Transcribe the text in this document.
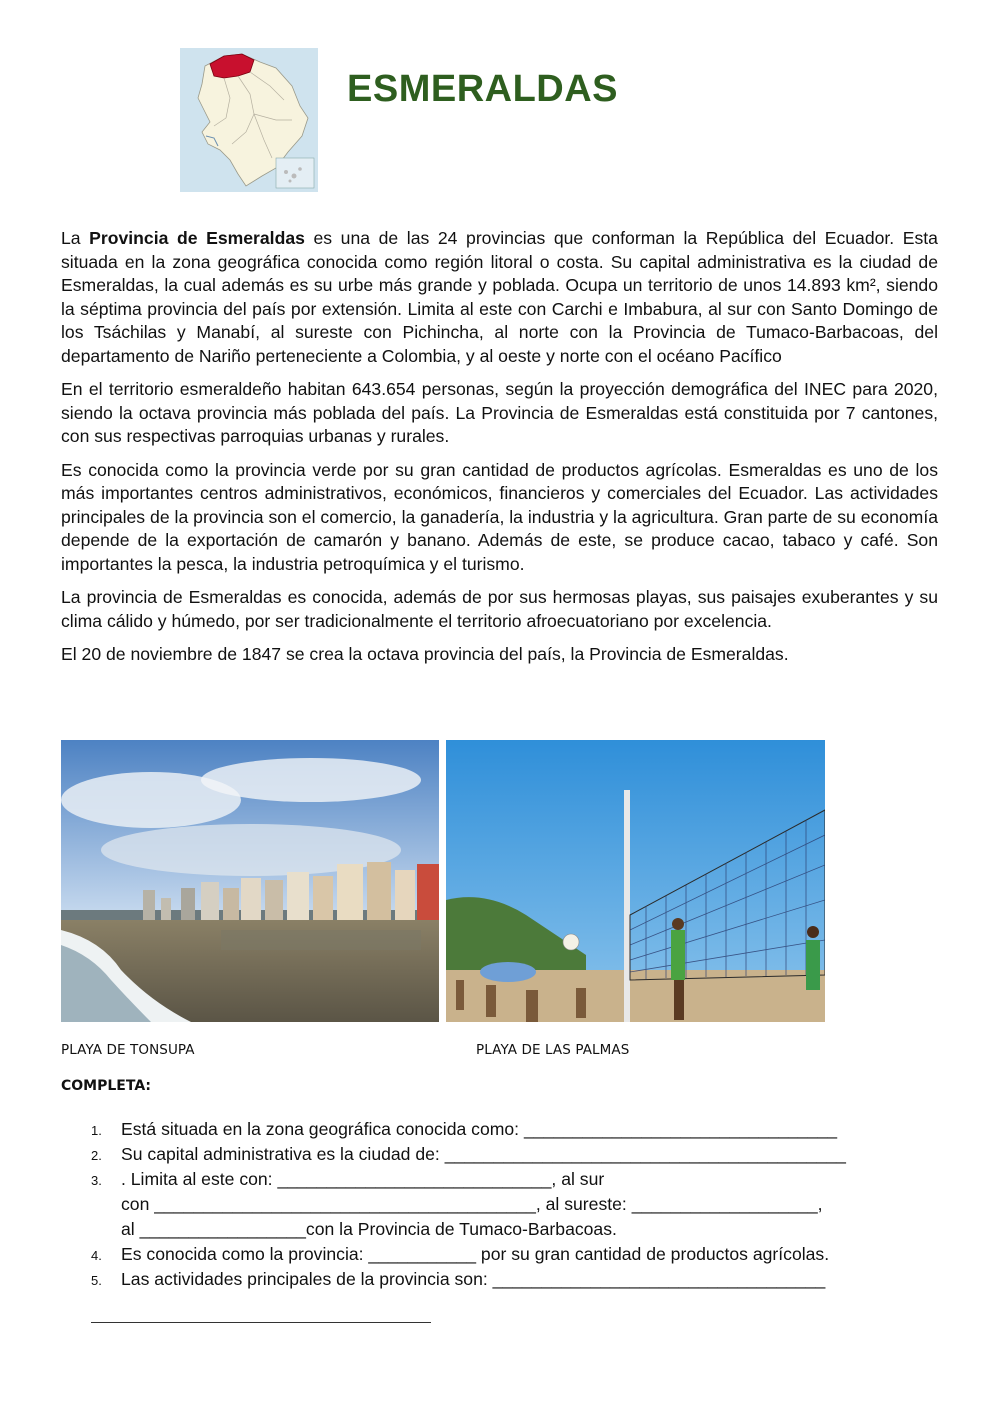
ESMERALDAS

La Provincia de Esmeraldas es una de las 24 provincias que conforman la República del Ecuador. Esta situada en la zona geográfica conocida como región litoral o costa. Su capital administrativa es la ciudad de Esmeraldas, la cual además es su urbe más grande y poblada. Ocupa un territorio de unos 14.893 km², siendo la séptima provincia del país por extensión. Limita al este con Carchi e Imbabura, al sur con Santo Domingo de los Tsáchilas y Manabí, al sureste con Pichincha, al norte con la Provincia de Tumaco-Barbacoas, del departamento de Nariño perteneciente a Colombia, y al oeste y norte con el océano Pacífico

En el territorio esmeraldeño habitan 643.654 personas, según la proyección demográfica del INEC para 2020, siendo la octava provincia más poblada del país. La Provincia de Esmeraldas está constituida por 7 cantones, con sus respectivas parroquias urbanas y rurales.

Es conocida como la provincia verde por su gran cantidad de productos agrícolas. Esmeraldas es uno de los más importantes centros administrativos, económicos, financieros y comerciales del Ecuador. Las actividades principales de la provincia son el comercio, la ganadería, la industria y la agricultura. Gran parte de su economía depende de la exportación de camarón y banano. Además de este, se produce cacao, tabaco y café. Son importantes la pesca, la industria petroquímica y el turismo.

La provincia de Esmeraldas es conocida, además de por sus hermosas playas, sus paisajes exuberantes y su clima cálido y húmedo, por ser tradicionalmente el territorio afroecuatoriano por excelencia.

El 20 de noviembre de 1847 se crea la octava provincia del país, la Provincia de Esmeraldas.

PLAYA DE TONSUPA	PLAYA DE LAS PALMAS
COMPLETA:
1. Está situada en la zona geográfica conocida como: ________________________________
2. Su capital administrativa es la ciudad de: _________________________________________
3. . Limita al este con: ____________________________, al sur
con _______________________________________, al sureste: ___________________,
al _________________con la Provincia de Tumaco-Barbacoas.
4. Es conocida como la provincia: ___________ por su gran cantidad de productos agrícolas.
5. Las actividades principales de la provincia son: __________________________________
